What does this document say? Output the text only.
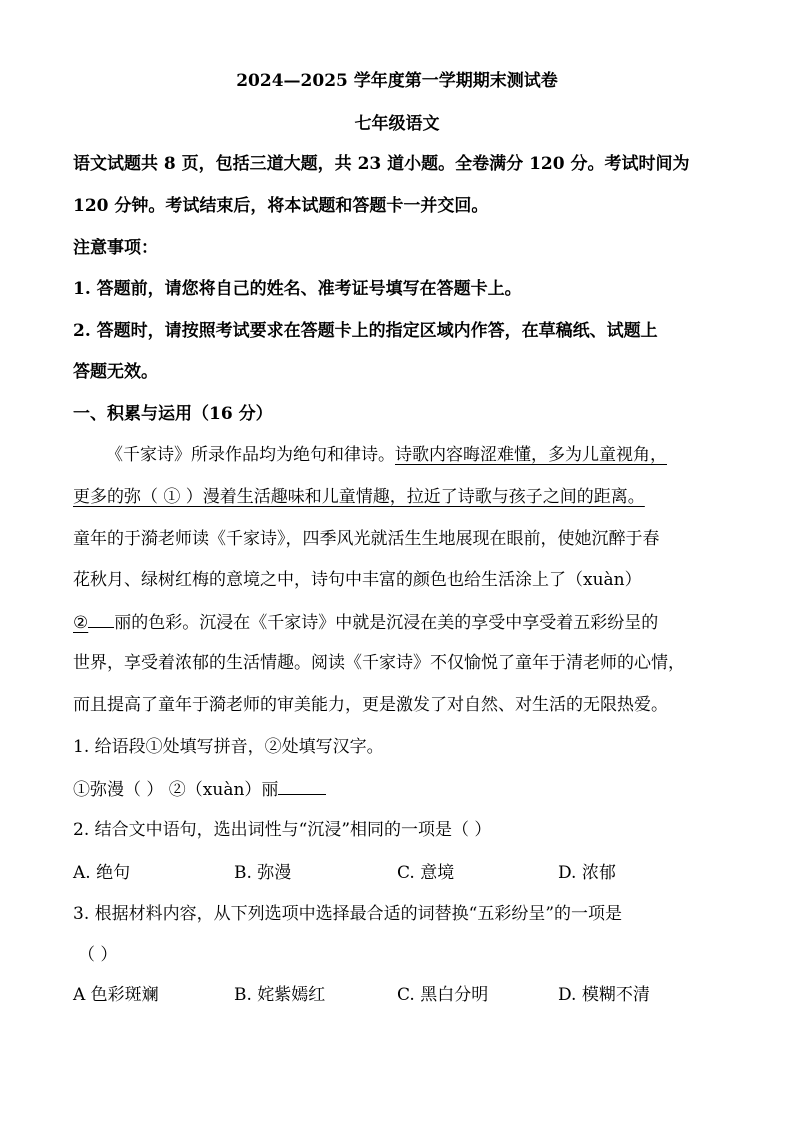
2024—2025 学年度第一学期期末测试卷
七年级语文
语文试题共 8 页，包括三道大题，共 23 道小题。全卷满分 120 分。考试时间为
120 分钟。考试结束后，将本试题和答题卡一并交回。
注意事项：
1. 答题前，请您将自己的姓名、准考证号填写在答题卡上。
2. 答题时，请按照考试要求在答题卡上的指定区域内作答，在草稿纸、试题上
答题无效。
一、积累与运用（16 分）
《千家诗》所录作品均为绝句和律诗。诗歌内容晦涩难懂，多为儿童视角，
更多的弥（ ① ）漫着生活趣味和儿童情趣，拉近了诗歌与孩子之间的距离。
童年的于漪老师读《千家诗》，四季风光就活生生地展现在眼前，使她沉醉于春
花秋月、绿树红梅的意境之中，诗句中丰富的颜色也给生活涂上了（xuàn）
② 丽的色彩。沉浸在《千家诗》中就是沉浸在美的享受中享受着五彩纷呈的
世界，享受着浓郁的生活情趣。阅读《千家诗》不仅愉悦了童年于清老师的心情，
而且提高了童年于漪老师的审美能力，更是激发了对自然、对生活的无限热爱。
1. 给语段①处填写拼音，②处填写汉字。
①弥漫（ ） ②（xuàn）丽
2. 结合文中语句，选出词性与“沉浸”相同的一项是（ ）
A. 绝句	B. 弥漫	C. 意境	D. 浓郁
3. 根据材料内容，从下列选项中选择最合适的词替换“五彩纷呈”的一项是
（ ）
A 色彩斑斓	B. 姹紫嫣红	C. 黑白分明	D. 模糊不清
